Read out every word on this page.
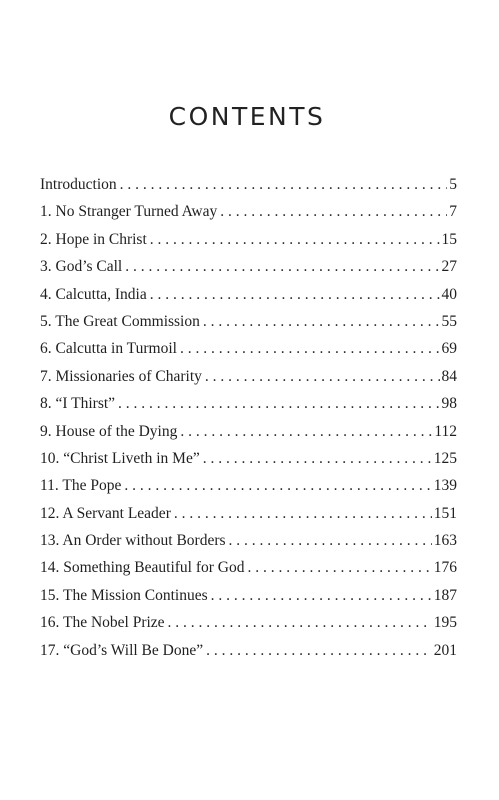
CONTENTS
Introduction . . .	5
1. No Stranger Turned Away . . .	7
2. Hope in Christ . . .	15
3. God’s Call . . .	27
4. Calcutta, India . . .	40
5. The Great Commission . . .	55
6. Calcutta in Turmoil . . .	69
7. Missionaries of Charity . . .	84
8. “I Thirst” . . .	98
9. House of the Dying . . .	112
10. “Christ Liveth in Me” . . .	125
11. The Pope . . .	139
12. A Servant Leader . . .	151
13. An Order without Borders . . .	163
14. Something Beautiful for God . . .	176
15. The Mission Continues . . .	187
16. The Nobel Prize . . .	195
17. “God’s Will Be Done” . . .	201
